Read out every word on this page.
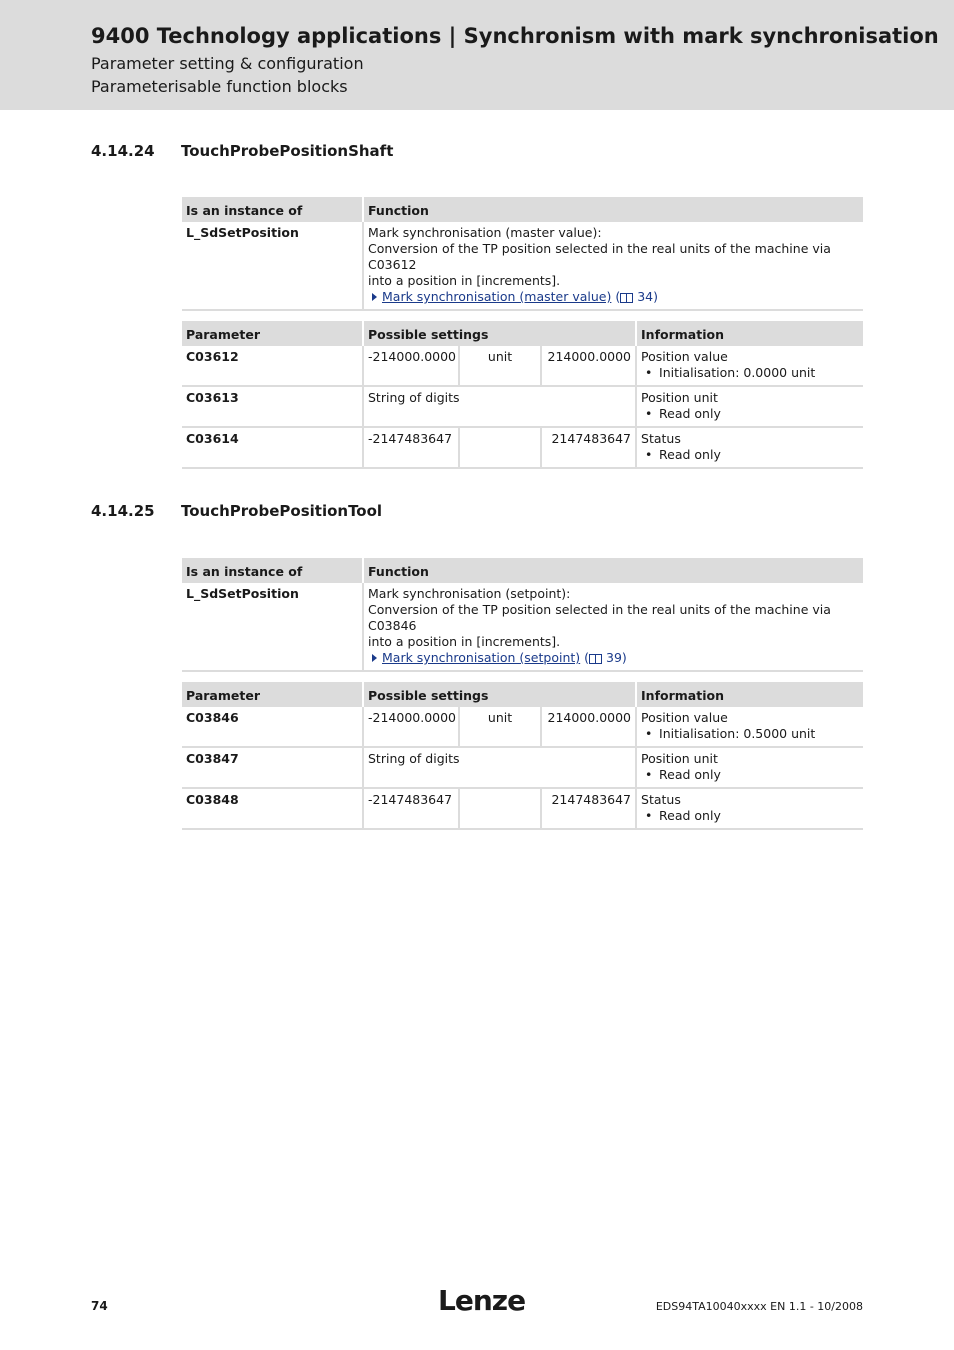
9400 Technology applications | Synchronism with mark synchronisation
Parameter setting & configuration
Parameterisable function blocks
4.14.24 TouchProbePositionShaft
Is an instance of	Function
L_SdSetPosition	Mark synchronisation (master value):
Conversion of the TP position selected in the real units of the machine via C03612
into a position in [increments].
Mark synchronisation (master value) ( 34)
Parameter	Possible settings			Information
C03612	-214000.0000	unit	214000.0000	Position value
• Initialisation: 0.0000 unit

C03613	String of digits			Position unit
• Read only

C03614	-2147483647		2147483647	Status
• Read only
4.14.25 TouchProbePositionTool
Is an instance of	Function
L_SdSetPosition	Mark synchronisation (setpoint):
Conversion of the TP position selected in the real units of the machine via C03846
into a position in [increments].
Mark synchronisation (setpoint) ( 39)
Parameter	Possible settings			Information
C03846	-214000.0000	unit	214000.0000	Position value
• Initialisation: 0.5000 unit

C03847	String of digits			Position unit
• Read only

C03848	-2147483647		2147483647	Status
• Read only
74	Lenze	EDS94TA10040xxxx EN 1.1 - 10/2008
